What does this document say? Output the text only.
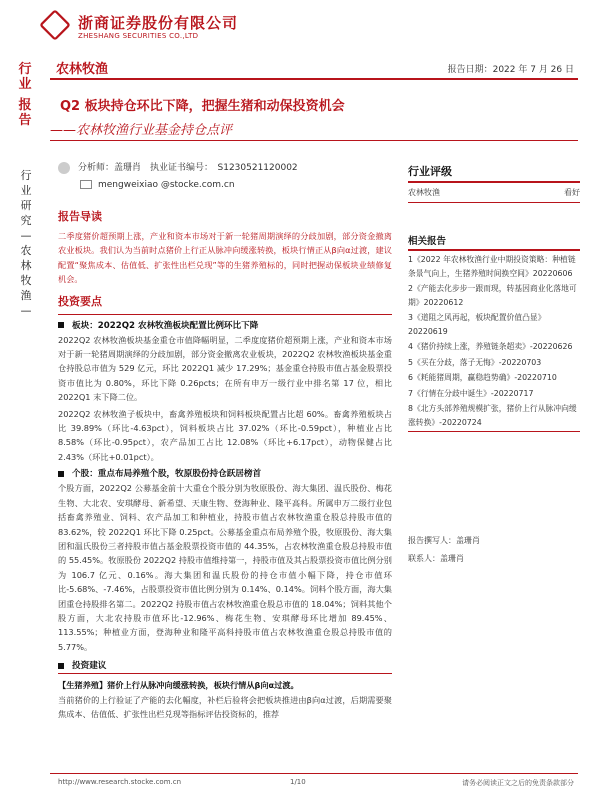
浙商证券股份有限公司
ZHESHANG SECURITIES CO.,LTD
行
业
报
告
农林牧渔	报告日期：2022 年 7 月 26 日
Q2 板块持仓环比下降，把握生猪和动保投资机会
——农林牧渔行业基金持仓点评
行
业
研
究
—
农
林
牧
渔
—
分析师：盖珊肖　执业证书编号：　S1230521120002
mengweixiao @stocke.com.cn
报告导读
二季度猪价超预期上涨，产业和资本市场对于新一轮猪周期演绎的分歧加剧，部分资金撤离农业板块。我们认为当前时点猪价上行正从脉冲向缓涨转换，板块行情正从β向α过渡，建议配置“聚焦成本、估值低、扩张性出栏兑现”等的生猪养殖标的，同时把握动保板块业绩修复机会。
投资要点
板块：2022Q2 农林牧渔板块配置比例环比下降
2022Q2 农林牧渔板块基金重仓市值降幅明显，二季度度猪价超预期上涨，产业和资本市场对于新一轮猪周期演绎的分歧加剧，部分资金撤离农业板块，2022Q2 农林牧渔板块基金重仓持股总市值为 529 亿元，环比 2022Q1 减少 17.29%；基金重仓持股市值占基金股票投资市值比为 0.80%，环比下降 0.26pcts；在所有申万一级行业中排名第 17 位，相比 2022Q1 末下降二位。
2022Q2 农林牧渔子板块中，畜禽养殖板块和饲料板块配置占比超 60%。畜禽养殖板块占比 39.89%（环比-4.63pct），饲料板块占比 37.02%（环比-0.59pct），种植业占比 8.58%（环比-0.95pct），农产品加工占比 12.08%（环比+6.17pct），动物保健占比 2.43%（环比+0.01pct）。
个股：重点布局养殖个股，牧原股份持仓跃居榜首
个股方面，2022Q2 公募基金前十大重仓个股分别为牧原股份、海大集团、温氏股份、梅花生物、大北农、安琪酵母、新希望、天康生物、登海种业、隆平高科。所属申万二级行业包括畜禽养殖业、饲料、农产品加工和种植业，持股市值占农林牧渔重仓股总持股市值的 83.62%，较 2022Q1 环比下降 0.25pct。公募基金重点布局养殖个股，牧原股份、海大集团和温氏股份三者持股市值占基金股票投资市值的 44.35%，占农林牧渔重仓股总持股市值的 55.45%。牧原股份 2022Q2 持股市值维持第一，持股市值及其占股票投资市值比例分别为 106.7 亿元、0.16%。海大集团和温氏股份的持仓市值小幅下降，持仓市值环比-5.68%、-7.46%，占股票投资市值比例分别为 0.14%、0.14%。饲料个股方面，海大集团重仓持股排名第二。2022Q2 持股市值占农林牧渔重仓股总市值的 18.04%；饲料其他个股方面，大北农持股市值环比-12.96%、梅花生物、安琪酵母环比增加 89.45%、113.55%；种植业方面，登海种业和隆平高科持股市值占农林牧渔重仓股总持股市值的 5.77%。
投资建议
【生猪养殖】猪价上行从脉冲向缓涨转换，板块行情从β向α过渡。
当前猪价的上行验证了产能的去化幅度，补栏后验将会把板块推进由β向α过渡，后期需要聚焦成本、估值低、扩张性出栏兑现等指标评估投资标的，推荐
行业评级
农林牧渔	看好
相关报告
1《2022 年农林牧渔行业中期投资策略：种植链条景气向上，生猪养殖时间换空间》20220606
2《产能去化步步一跟而现，转基因商业化落地可期》20220612
3《道阻之风再起，板块配置价值凸显》20220619
4《猪价持续上涨，养殖链条超卖》-20220626
5《买在分歧，落子无悔》-20220703
6《耗能猪周期，赢稳趋势确》-20220710
7《行情在分歧中诞生》-20220717
8《北方头部养殖规模扩张，猪价上行从脉冲向缓涨转换》-20220724
报告撰写人：盖珊肖
联系人：盖珊肖
http://www.research.stocke.com.cn	1/10	请务必阅读正文之后的免责条款部分
